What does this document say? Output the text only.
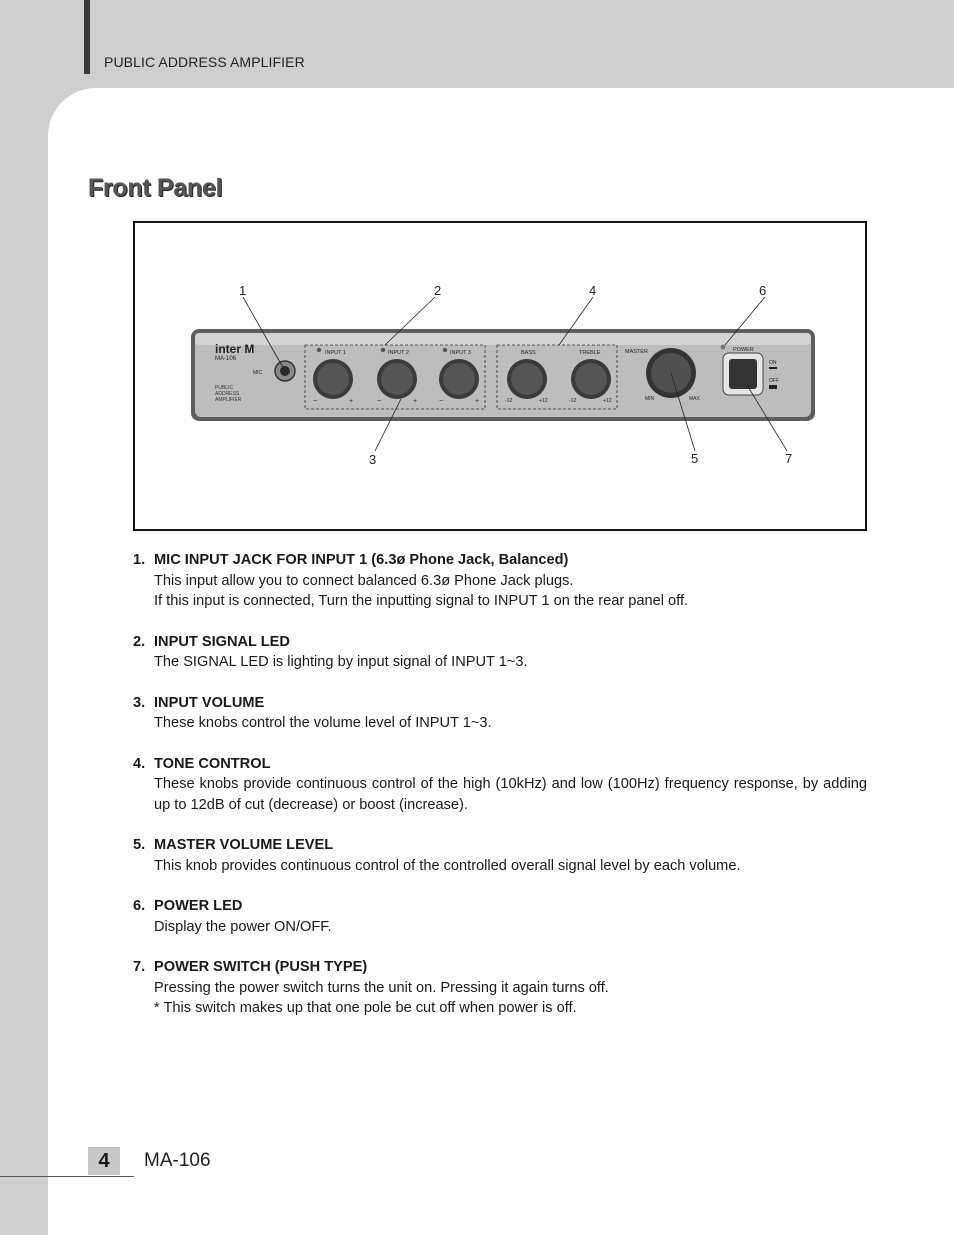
PUBLIC ADDRESS AMPLIFIER
Front Panel
inter M
MA-106
PUBLIC
ADDRESS
AMPLIFIER
MIC
INPUT 1	INPUT 2	INPUT 3
−	+	−	+	−	+
BASS	TREBLE
-12	+12	-12	+12
MASTER
MIN	MAX
POWER
ON
OFF
1	2	4	6
3	5	7
1. MIC INPUT JACK FOR INPUT 1 (6.3ø Phone Jack, Balanced)
This input allow you to connect balanced 6.3ø Phone Jack plugs.
If this input is connected, Turn the inputting signal to INPUT 1 on the rear panel off.
2. INPUT SIGNAL LED
The SIGNAL LED is lighting by input signal of INPUT 1~3.
3. INPUT VOLUME
These knobs control the volume level of INPUT 1~3.
4. TONE CONTROL
These knobs provide continuous control of the high (10kHz) and low (100Hz) frequency response, by adding up to 12dB of cut (decrease) or boost (increase).
5. MASTER VOLUME LEVEL
This knob provides continuous control of the controlled overall signal level by each volume.
6. POWER LED
Display the power ON/OFF.
7. POWER SWITCH (PUSH TYPE)
Pressing the power switch turns the unit on. Pressing it again turns off.
* This switch makes up that one pole be cut off when power is off.
4	MA-106
